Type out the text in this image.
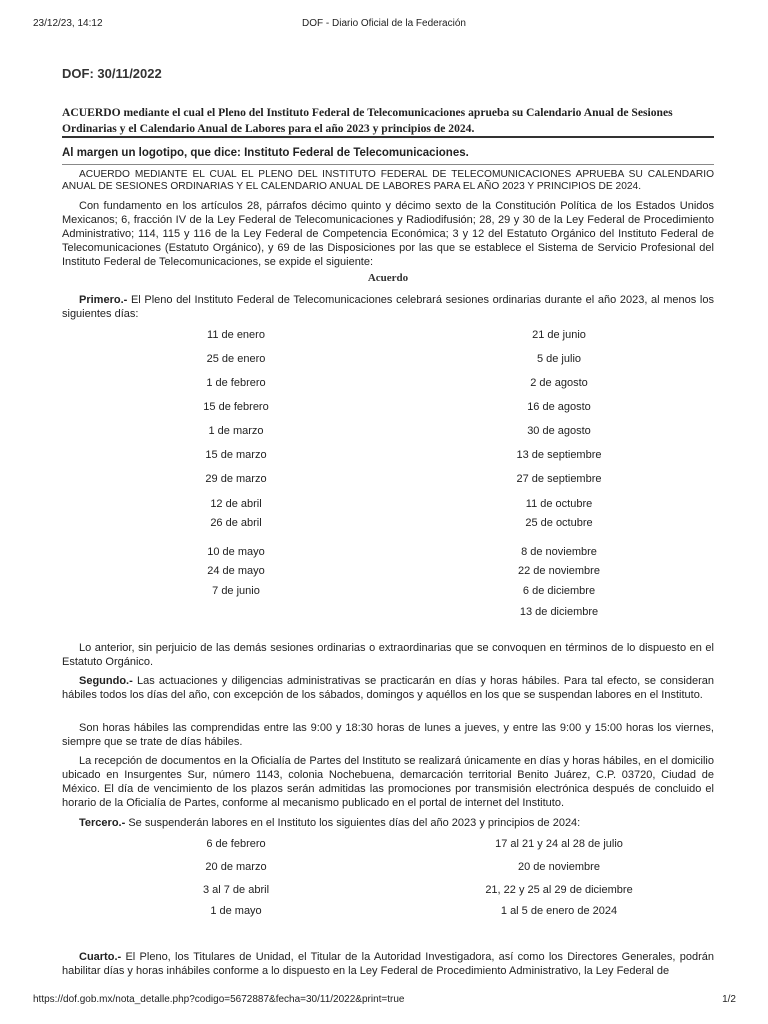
23/12/23, 14:12	DOF - Diario Oficial de la Federación
DOF: 30/11/2022
ACUERDO mediante el cual el Pleno del Instituto Federal de Telecomunicaciones aprueba su Calendario Anual de Sesiones Ordinarias y el Calendario Anual de Labores para el año 2023 y principios de 2024.
Al margen un logotipo, que dice: Instituto Federal de Telecomunicaciones.
ACUERDO MEDIANTE EL CUAL EL PLENO DEL INSTITUTO FEDERAL DE TELECOMUNICACIONES APRUEBA SU CALENDARIO ANUAL DE SESIONES ORDINARIAS Y EL CALENDARIO ANUAL DE LABORES PARA EL AÑO 2023 Y PRINCIPIOS DE 2024.
Con fundamento en los artículos 28, párrafos décimo quinto y décimo sexto de la Constitución Política de los Estados Unidos Mexicanos; 6, fracción IV de la Ley Federal de Telecomunicaciones y Radiodifusión; 28, 29 y 30 de la Ley Federal de Procedimiento Administrativo; 114, 115 y 116 de la Ley Federal de Competencia Económica; 3 y 12 del Estatuto Orgánico del Instituto Federal de Telecomunicaciones (Estatuto Orgánico), y 69 de las Disposiciones por las que se establece el Sistema de Servicio Profesional del Instituto Federal de Telecomunicaciones, se expide el siguiente:
Acuerdo
Primero.- El Pleno del Instituto Federal de Telecomunicaciones celebrará sesiones ordinarias durante el año 2023, al menos los siguientes días:
11 de enero
25 de enero
1 de febrero
15 de febrero
1 de marzo
15 de marzo
29 de marzo
12 de abril
26 de abril
10 de mayo
24 de mayo
7 de junio
21 de junio
5 de julio
2 de agosto
16 de agosto
30 de agosto
13 de septiembre
27 de septiembre
11 de octubre
25 de octubre
8 de noviembre
22 de noviembre
6 de diciembre
13 de diciembre
Lo anterior, sin perjuicio de las demás sesiones ordinarias o extraordinarias que se convoquen en términos de lo dispuesto en el Estatuto Orgánico.
Segundo.- Las actuaciones y diligencias administrativas se practicarán en días y horas hábiles. Para tal efecto, se consideran hábiles todos los días del año, con excepción de los sábados, domingos y aquéllos en los que se suspendan labores en el Instituto.
Son horas hábiles las comprendidas entre las 9:00 y 18:30 horas de lunes a jueves, y entre las 9:00 y 15:00 horas los viernes, siempre que se trate de días hábiles.
La recepción de documentos en la Oficialía de Partes del Instituto se realizará únicamente en días y horas hábiles, en el domicilio ubicado en Insurgentes Sur, número 1143, colonia Nochebuena, demarcación territorial Benito Juárez, C.P. 03720, Ciudad de México. El día de vencimiento de los plazos serán admitidas las promociones por transmisión electrónica después de concluido el horario de la Oficialía de Partes, conforme al mecanismo publicado en el portal de internet del Instituto.
Tercero.- Se suspenderán labores en el Instituto los siguientes días del año 2023 y principios de 2024:
6 de febrero
20 de marzo
3 al 7 de abril
1 de mayo
17 al 21 y 24 al 28 de julio
20 de noviembre
21, 22 y 25 al 29 de diciembre
1 al 5 de enero de 2024
Cuarto.- El Pleno, los Titulares de Unidad, el Titular de la Autoridad Investigadora, así como los Directores Generales, podrán habilitar días y horas inhábiles conforme a lo dispuesto en la Ley Federal de Procedimiento Administrativo, la Ley Federal de
https://dof.gob.mx/nota_detalle.php?codigo=5672887&fecha=30/11/2022&print=true	1/2
